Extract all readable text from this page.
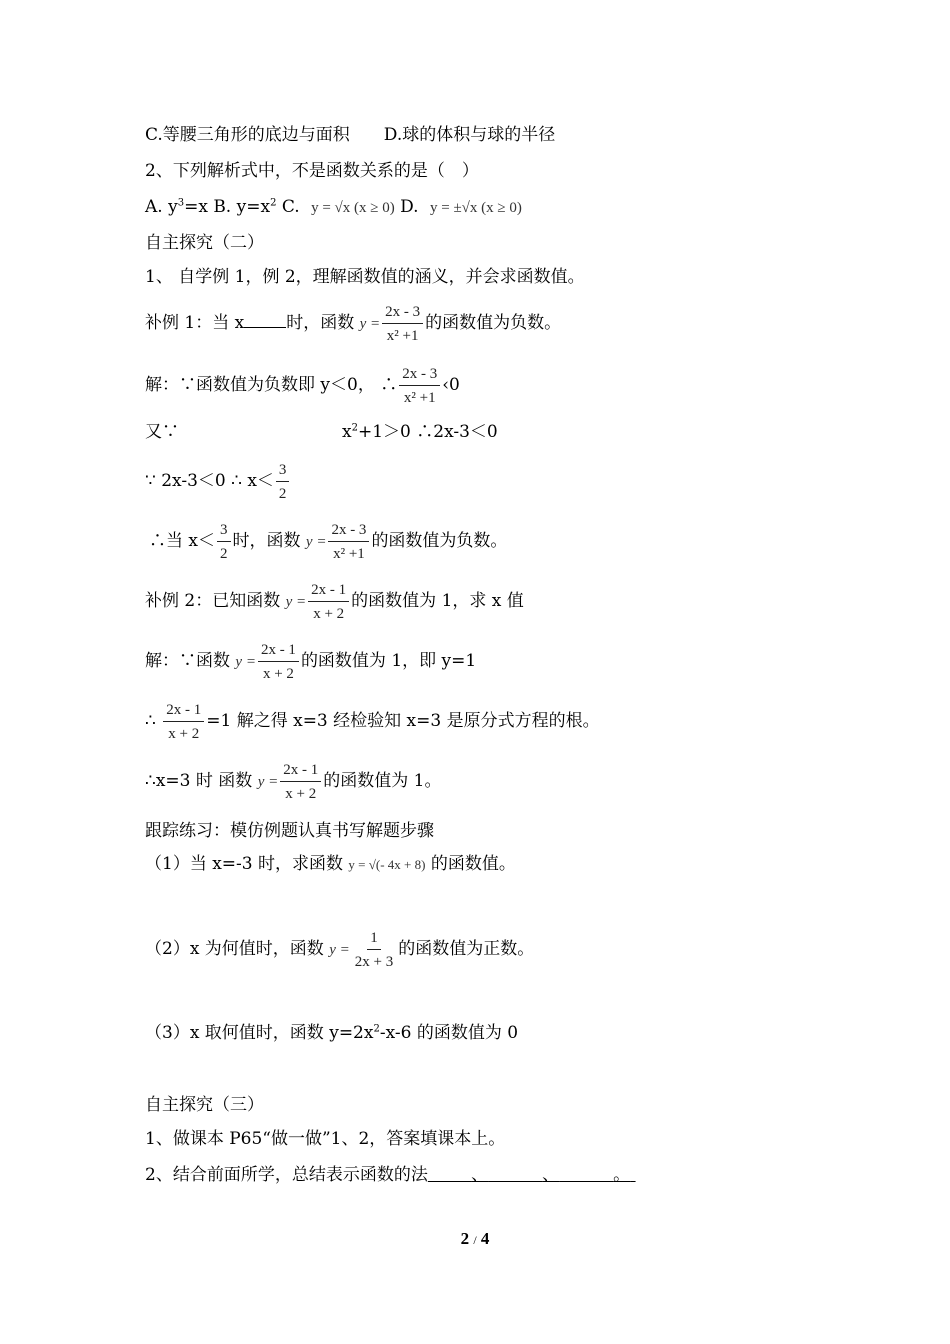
C.等腰三角形的底边与面积　　D.球的体积与球的半径
2、下列解析式中，不是函数关系的是（　）
A. $y^3=x$ B. $y=x^2$ C. y = √x (x ≥ 0) D. y = ±√x (x ≥ 0)
自主探究（二）
1、 自学例 1，例 2，理解函数值的涵义，并会求函数值。
补例 1：当 x 时，函数 $y = \frac{2x - 3}{\text{x² +1}}$ 的函数值为负数。
解：∵函数值为负数即 y＜0， ∴ $\frac{2x - 3}{\text{x² +1}}$ ‹0
又∵	$x^2+1>0$ ∴2x-3＜0
∵ 2x-3＜0 ∴ $x< \frac{3}{2}$
∴当 $x< \frac{3}{2}$ 时，函数 $y = \frac{2x - 3}{\text{x² +1}}$ 的函数值为负数。
补例 2：已知函数 $y = \frac{2x - 1}{x + 2}$ 的函数值为 1，求 x 值
解：∵函数 $y = \frac{2x - 1}{x + 2}$ 的函数值为 1，即 y=1
∴ $\frac{2x - 1}{x + 2} =1$ 解之得 x=3 经检验知 x=3 是原分式方程的根。
∴x=3 时 函数 $y = \frac{2x - 1}{x + 2}$ 的函数值为 1。
跟踪练习：模仿例题认真书写解题步骤
（1）当 x=-3 时，求函数 y = √(- 4x + 8) 的函数值。
（2）x 为何值时，函数 $y = \frac{1}{2x + 3}$ 的函数值为正数。
（3）x 取何值时，函数 $y=2x^2-x-6$ 的函数值为 0
自主探究（三）
1、做课本 P65“做一做”1、2，答案填课本上。
2、结合前面所学，总结表示函数的法	、	、	。
2 / 4
